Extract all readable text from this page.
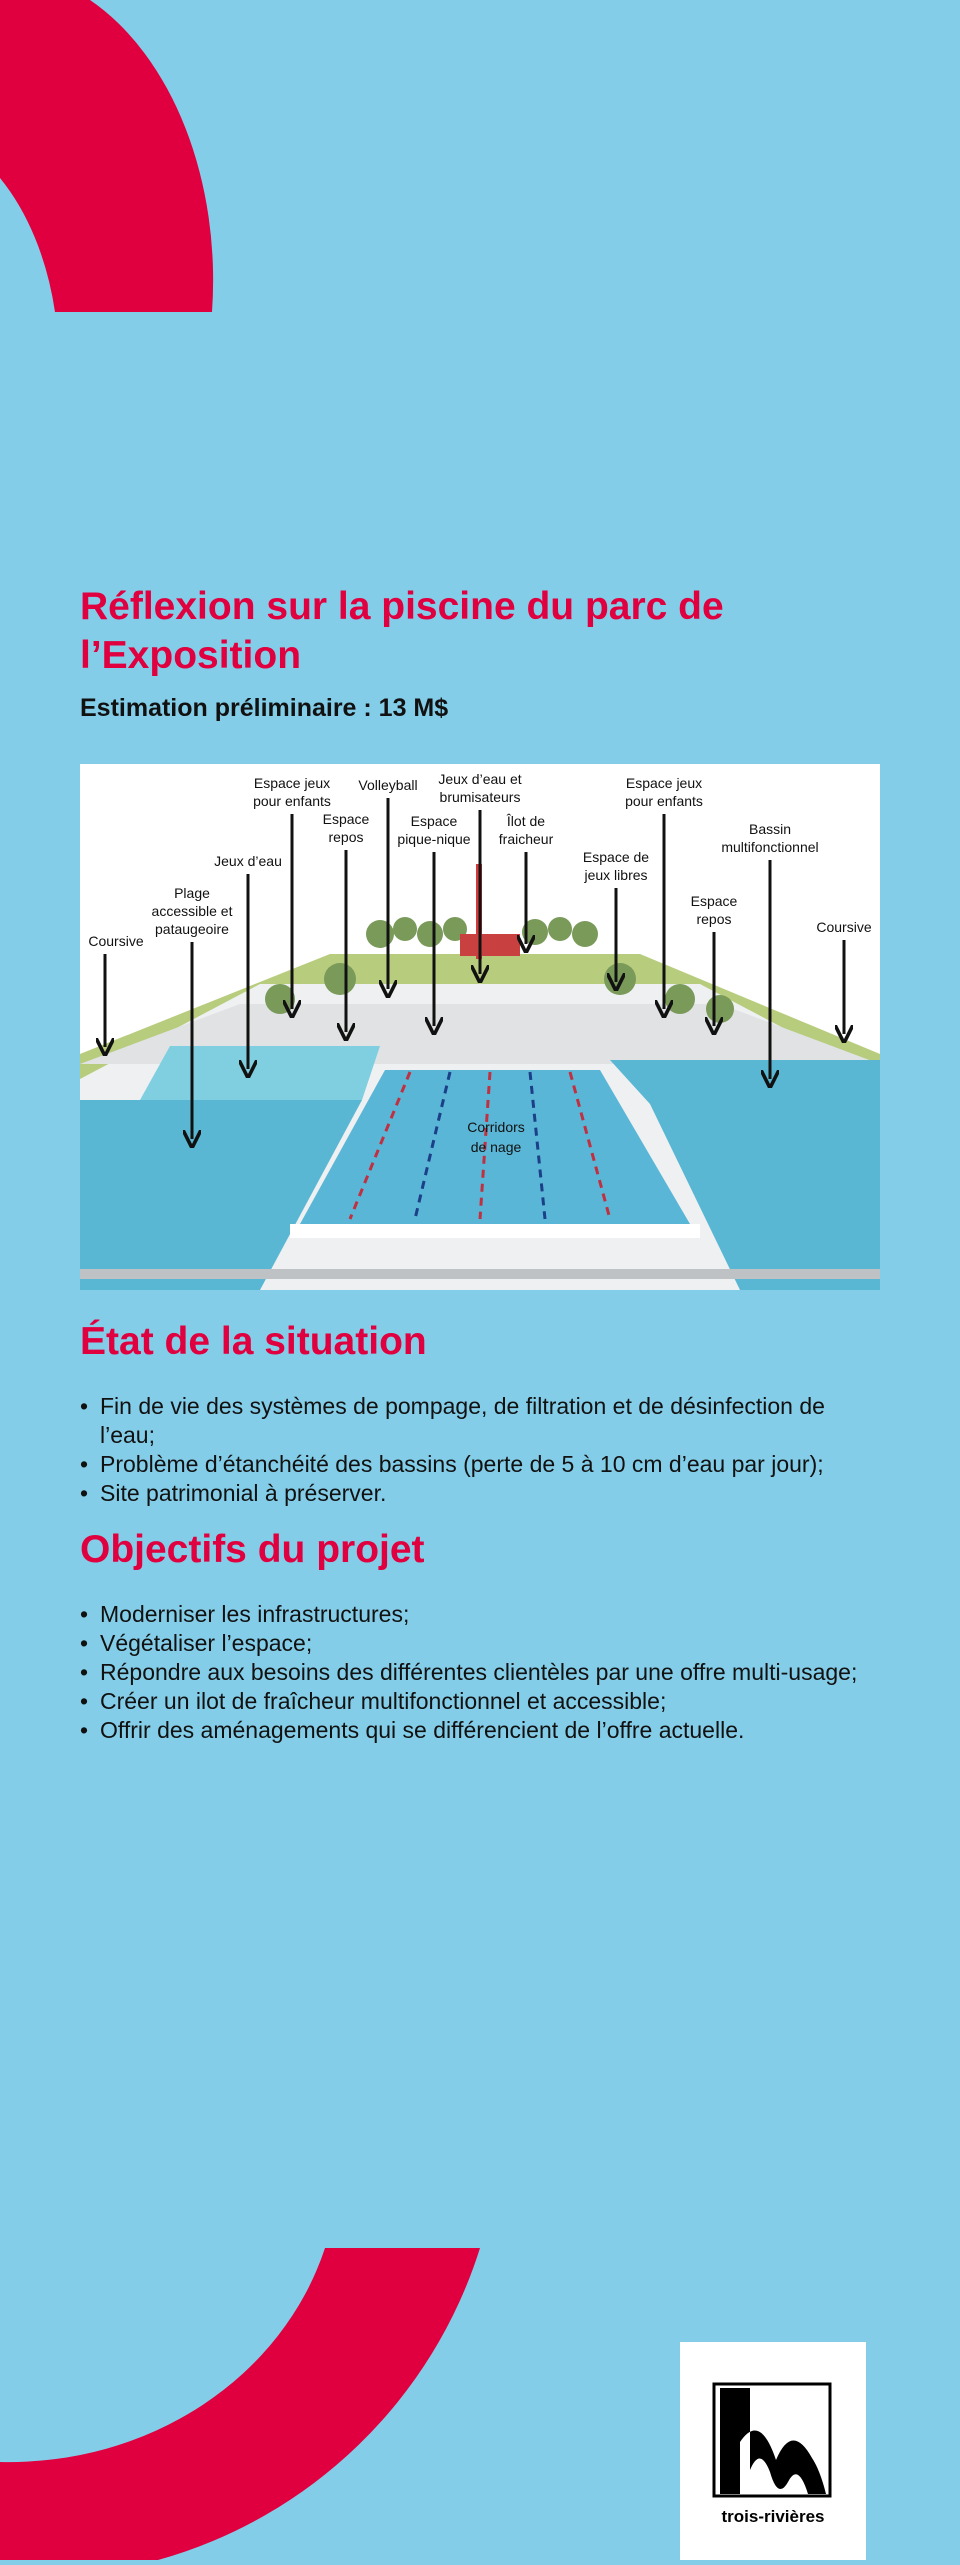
Réflexion sur la piscine du parc de l’Exposition

Estimation préliminaire : 13 M$

Coursive
Plage
accessible et
pataugeoire
Jeux d’eau
Espace jeux
pour enfants
Espace
repos
Volleyball
Espace
pique-nique
Jeux d’eau et
brumisateurs
Îlot de
fraicheur
Espace de
jeux libres
Espace jeux
pour enfants
Espace
repos
Bassin
multifonctionnel
Coursive
Corridors
de nage
État de la situation
• Fin de vie des systèmes de pompage, de filtration et de désinfection de l’eau;
• Problème d’étanchéité des bassins (perte de 5 à 10 cm d’eau par jour);
• Site patrimonial à préserver.
Objectifs du projet
• Moderniser les infrastructures;
• Végétaliser l’espace;
• Répondre aux besoins des différentes clientèles par une offre multi-usage;
• Créer un ilot de fraîcheur multifonctionnel et accessible;
• Offrir des aménagements qui se différencient de l’offre actuelle.
trois-rivières
